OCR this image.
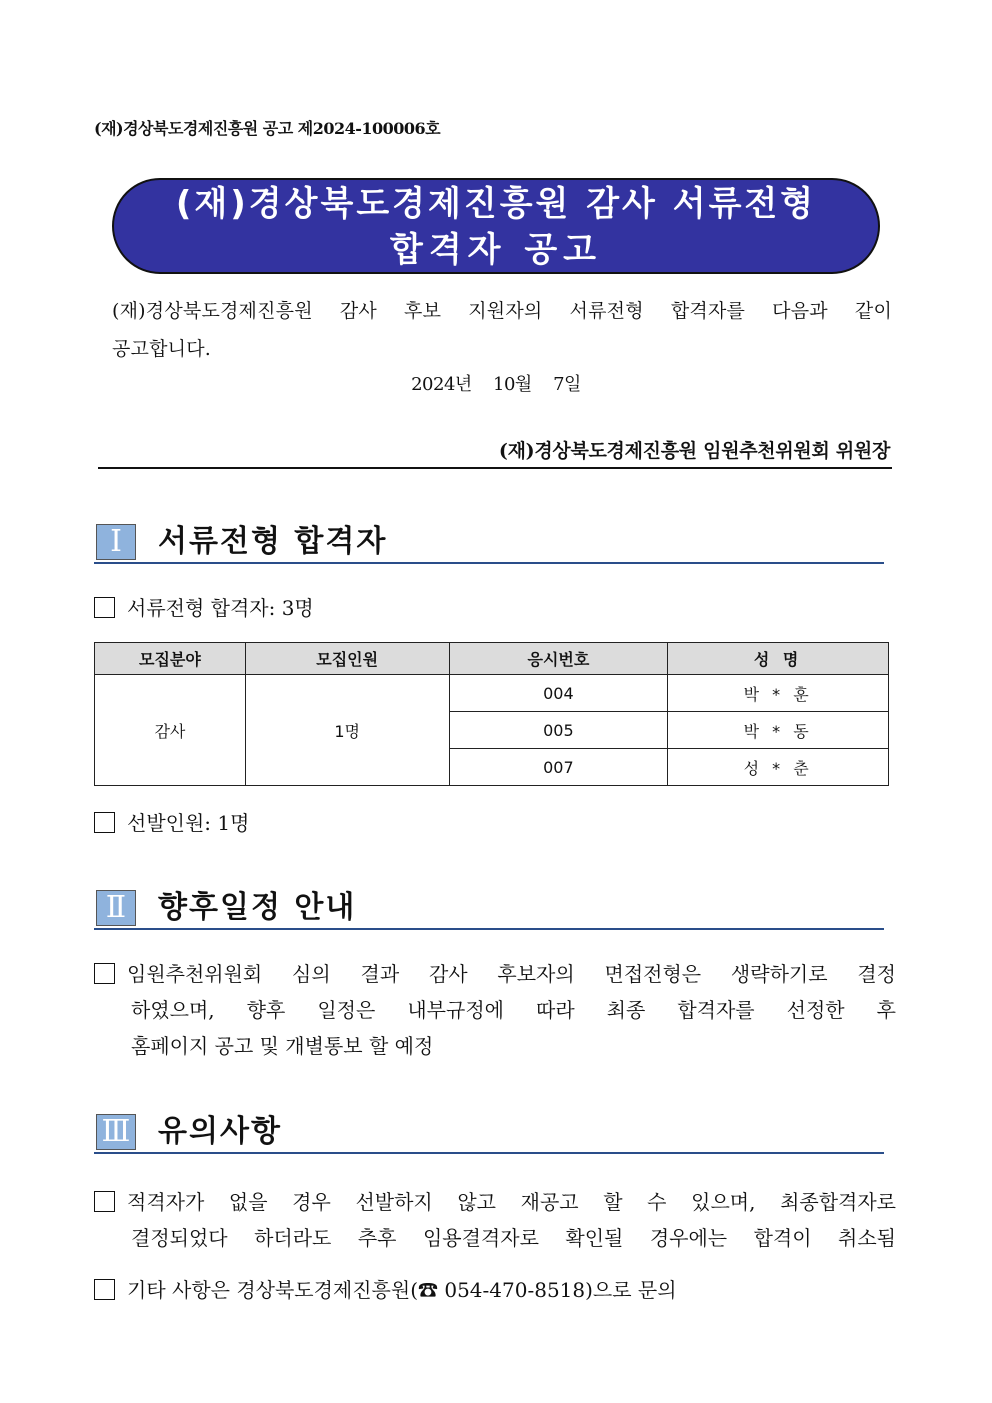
(재)경상북도경제진흥원 공고 제2024-100006호
(재)경상북도경제진흥원 감사 서류전형
합격자 공고
(재)경상북도경제진흥원 감사 후보 지원자의 서류전형 합격자를 다음과 같이
공고합니다.
2024년 10월 7일
(재)경상북도경제진흥원 임원추천위원회 위원장
Ⅰ	서류전형 합격자
서류전형 합격자: 3명
모집분야	모집인원	응시번호	성 명
감사	1명	004	박 * 훈
		005	박 * 동
		007	성 * 춘
선발인원: 1명
Ⅱ	향후일정 안내
임원추천위원회 심의 결과 감사 후보자의 면접전형은 생략하기로 결정
하였으며, 향후 일정은 내부규정에 따라 최종 합격자를 선정한 후
홈페이지 공고 및 개별통보 할 예정
Ⅲ 유의사항
적격자가 없을 경우 선발하지 않고 재공고 할 수 있으며, 최종합격자로
결정되었다 하더라도 추후 임용결격자로 확인될 경우에는 합격이 취소됨
기타 사항은 경상북도경제진흥원(☎ 054-470-8518)으로 문의
